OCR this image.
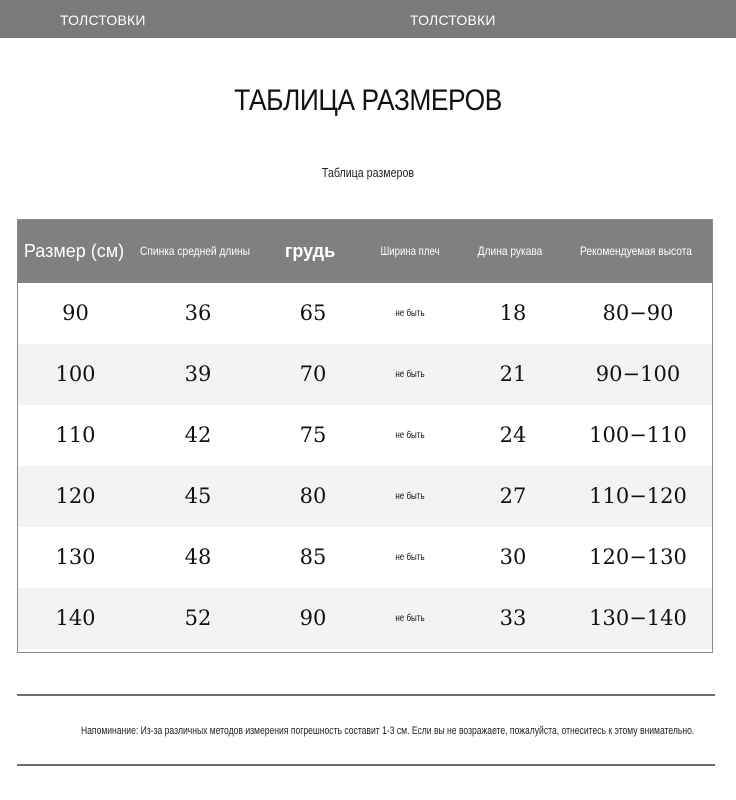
ТОЛСТОВКИ	ТОЛСТОВКИ
ТАБЛИЦА РАЗМЕРОВ
Таблица размеров
Размер (см)	Спинка средней длины	грудь	Ширина плеч	Длина рукава	Рекомендуемая высота
90	36	65	не быть	18	80−90
100	39	70	не быть	21	90−100
110	42	75	не быть	24	100−110
120	45	80	не быть	27	110−120
130	48	85	не быть	30	120−130
140	52	90	не быть	33	130−140
Напоминание: Из-за различных методов измерения погрешность составит 1-3 см. Если вы не возражаете, пожалуйста, отнеситесь к этому внимательно.
